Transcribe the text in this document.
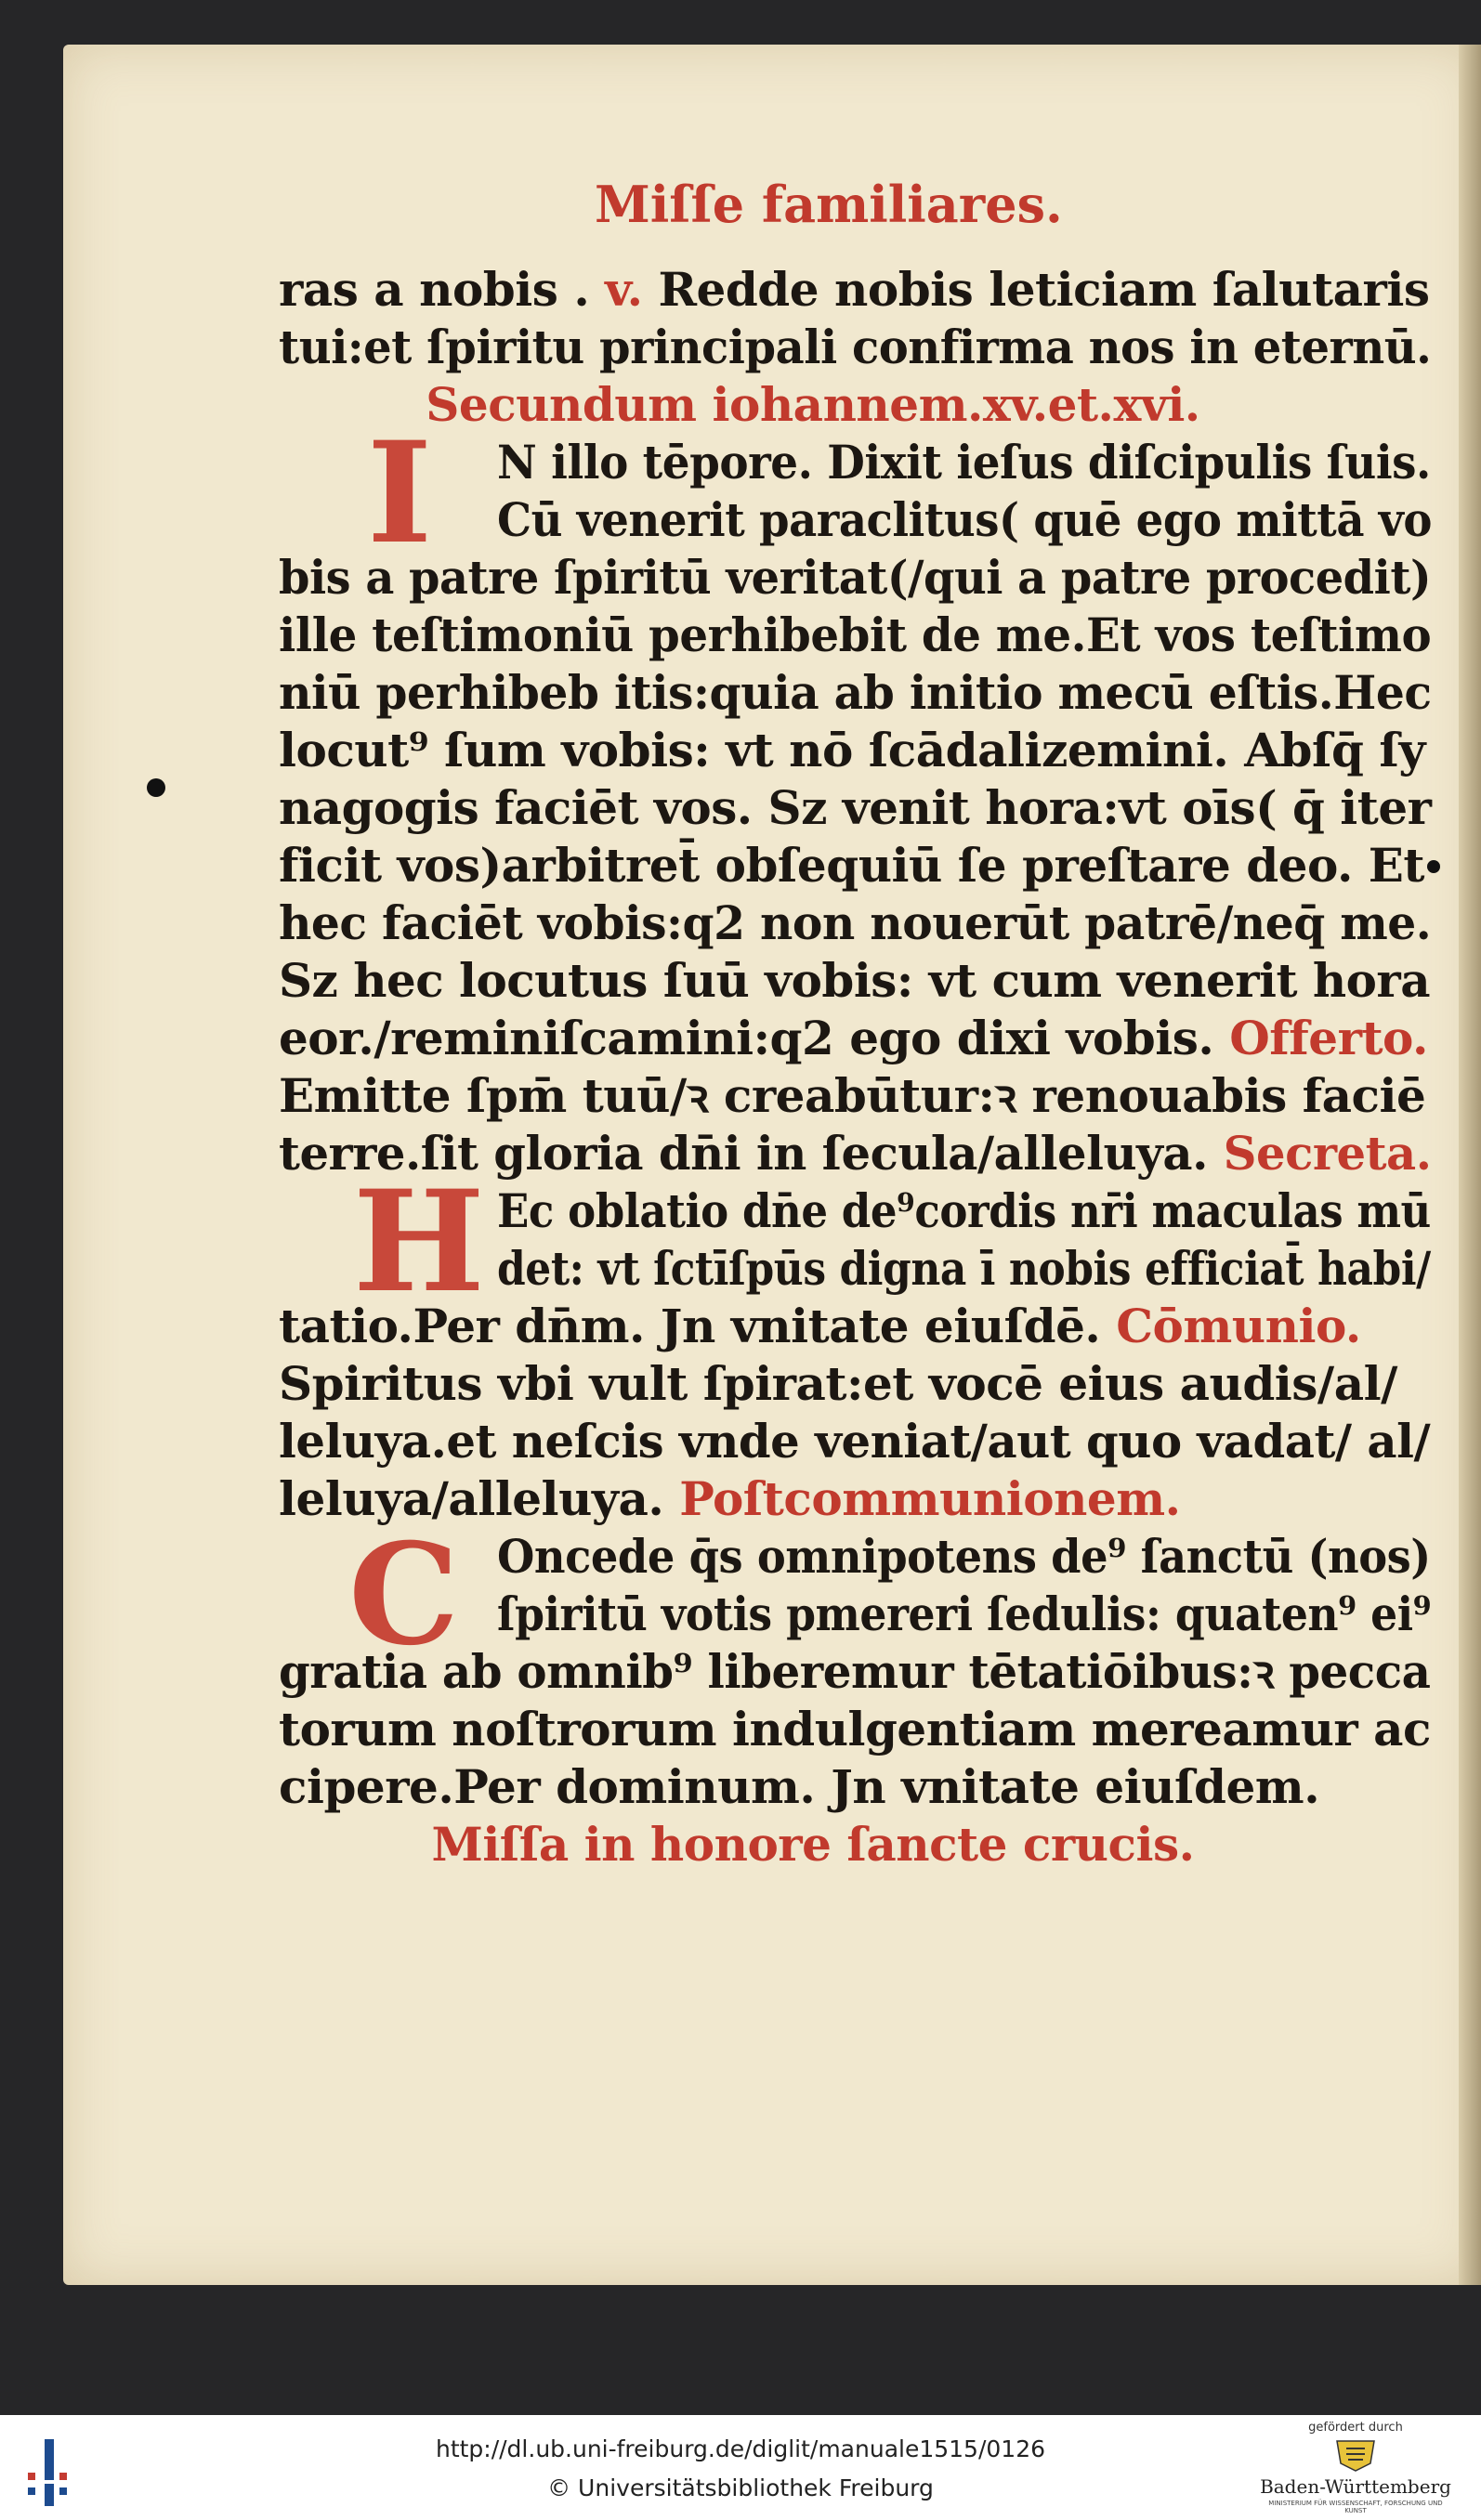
Miſſe familiares.
ras a nobis . v. Redde nobis leticiam ſalutaris
tui:et ſpiritu principali confirma nos in eternū.
Secundum iohannem.xv.et.xvi.
N illo tēpore. Dixit ieſus diſcipulis ſuis.
Cū venerit paraclitus( quē ego mittā vo
bis a patre ſpiritū veritat(/qui a patre procedit)
ille teſtimoniū perhibebit de me.Et vos teſtimo
niū perhibeb itis:quia ab initio mecū eſtis.Hec
locut⁹ ſum vobis: vt nō ſcādalizemini. Abſq̄ ſy
nagogis faciēt vos. Sz venit hora:vt oīs( q̄ iter
ficit vos)arbitret̄ obſequiū ſe preſtare deo. Et
hec faciēt vobis:q2 non nouerūt patrē/neq̄ me.
Sz hec locutus ſuū vobis: vt cum venerit hora
eor./reminiſcamini:q2 ego dixi vobis. Offerto.
Emitte ſpm̄ tuū/ꝛ creabūtur:ꝛ renouabis faciē
terre.ſit gloria dn̄i in ſecula/alleluya. Secreta.
Ec oblatio dn̄e de⁹cordis nr̄i maculas mū
det: vt ſctīſpūs digna ī nobis efficiat̄ habi/
tatio.Per dn̄m. Jn vnitate eiuſdē. Cōmunio.
Spiritus vbi vult ſpirat:et vocē eius audis/al/
leluya.et neſcis vnde veniat/aut quo vadat/ al/
leluya/alleluya. Poſtcommunionem.
Oncede q̄s omnipotens de⁹ ſanctū (nos)
ſpiritū votis pmereri ſedulis: quaten⁹ ei⁹
gratia ab omnib⁹ liberemur tētatiōibus:ꝛ pecca
torum noſtrorum indulgentiam mereamur ac
cipere.Per dominum. Jn vnitate eiuſdem.
Miſſa in honore ſancte crucis.
I
H
C
http://dl.ub.uni-freiburg.de/diglit/manuale1515/0126
© Universitätsbibliothek Freiburg
gefördert durch
Baden-Württemberg
MINISTERIUM FÜR WISSENSCHAFT, FORSCHUNG UND KUNST
